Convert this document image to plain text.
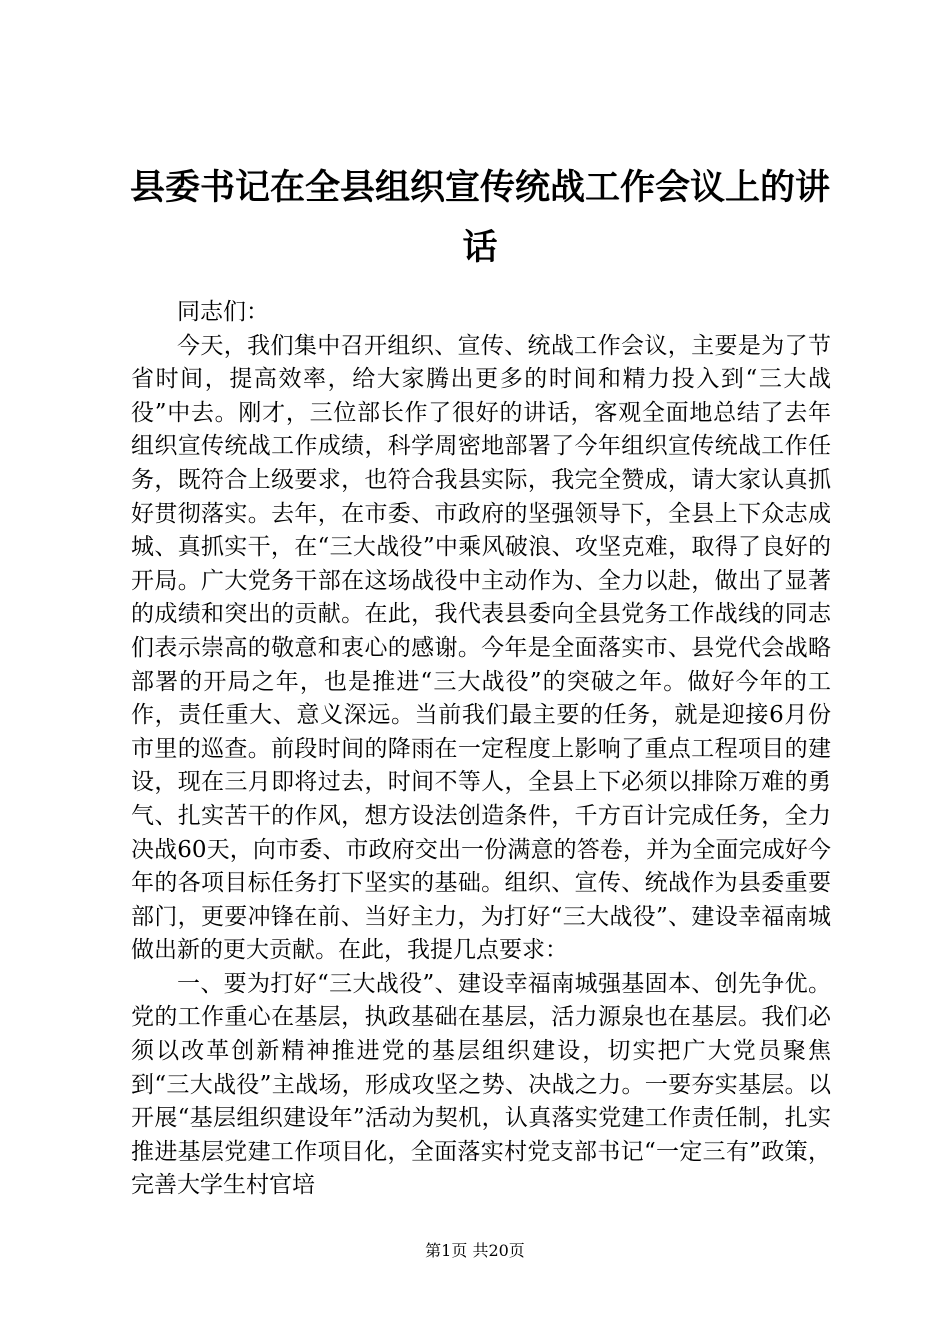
县委书记在全县组织宣传统战工作会议上的讲话

同志们：

今天，我们集中召开组织、宣传、统战工作会议，主要是为了节省时间，提高效率，给大家腾出更多的时间和精力投入到“三大战役”中去。刚才，三位部长作了很好的讲话，客观全面地总结了去年组织宣传统战工作成绩，科学周密地部署了今年组织宣传统战工作任务，既符合上级要求，也符合我县实际，我完全赞成，请大家认真抓好贯彻落实。去年，在市委、市政府的坚强领导下，全县上下众志成城、真抓实干，在“三大战役”中乘风破浪、攻坚克难，取得了良好的开局。广大党务干部在这场战役中主动作为、全力以赴，做出了显著的成绩和突出的贡献。在此，我代表县委向全县党务工作战线的同志们表示崇高的敬意和衷心的感谢。今年是全面落实市、县党代会战略部署的开局之年，也是推进“三大战役”的突破之年。做好今年的工作，责任重大、意义深远。当前我们最主要的任务，就是迎接6月份市里的巡查。前段时间的降雨在一定程度上影响了重点工程项目的建设，现在三月即将过去，时间不等人，全县上下必须以排除万难的勇气、扎实苦干的作风，想方设法创造条件，千方百计完成任务，全力决战60天，向市委、市政府交出一份满意的答卷，并为全面完成好今年的各项目标任务打下坚实的基础。组织、宣传、统战作为县委重要部门，更要冲锋在前、当好主力，为打好“三大战役”、建设幸福南城做出新的更大贡献。在此，我提几点要求：

一、要为打好“三大战役”、建设幸福南城强基固本、创先争优。党的工作重心在基层，执政基础在基层，活力源泉也在基层。我们必须以改革创新精神推进党的基层组织建设，切实把广大党员聚焦到“三大战役”主战场，形成攻坚之势、决战之力。一要夯实基层。以开展“基层组织建设年”活动为契机，认真落实党建工作责任制，扎实推进基层党建工作项目化，全面落实村党支部书记“一定三有”政策，完善大学生村官培

第1页 共20页
